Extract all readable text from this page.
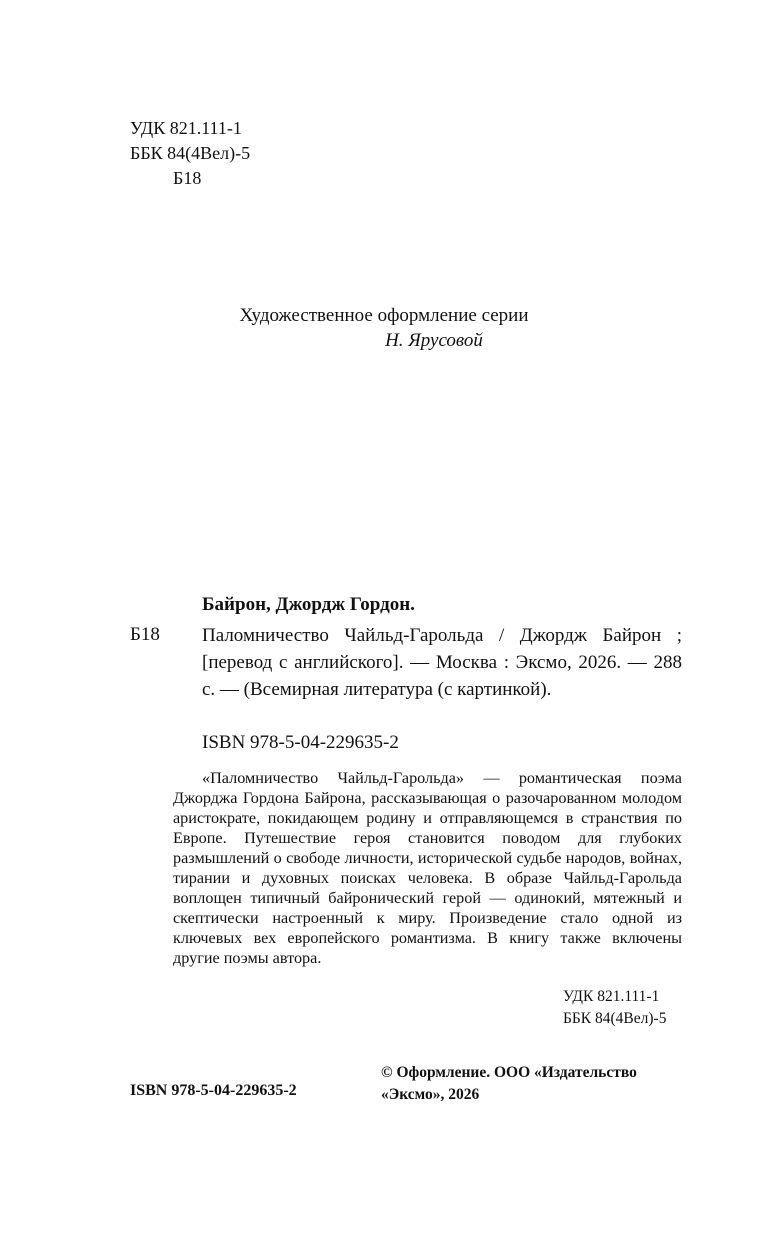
УДК 821.111-1
ББК 84(4Вел)-5
Б18
Художественное оформление серии
Н. Ярусовой
Байрон, Джордж Гордон.
Б18 Паломничество Чайльд-Гарольда / Джордж Байрон ; [перевод с английского]. — Москва : Эксмо, 2026. — 288 с. — (Всемирная литература (с картинкой).
ISBN 978-5-04-229635-2

«Паломничество Чайльд-Гарольда» — романтическая поэма Джорджа Гордона Байрона, рассказывающая о разочарованном молодом аристократе, покидающем родину и отправляющемся в странствия по Европе. Путешествие героя становится поводом для глубоких размышлений о свободе личности, исторической судьбе народов, войнах, тирании и духовных поисках человека. В образе Чайльд-Гарольда воплощен типичный байронический герой — одинокий, мятежный и скептически настроенный к миру. Произведение стало одной из ключевых вех европейского романтизма. В книгу также включены другие поэмы автора.

УДК 821.111-1
ББК 84(4Вел)-5
© Оформление. ООО «Издательство «Эксмо», 2026
ISBN 978-5-04-229635-2
